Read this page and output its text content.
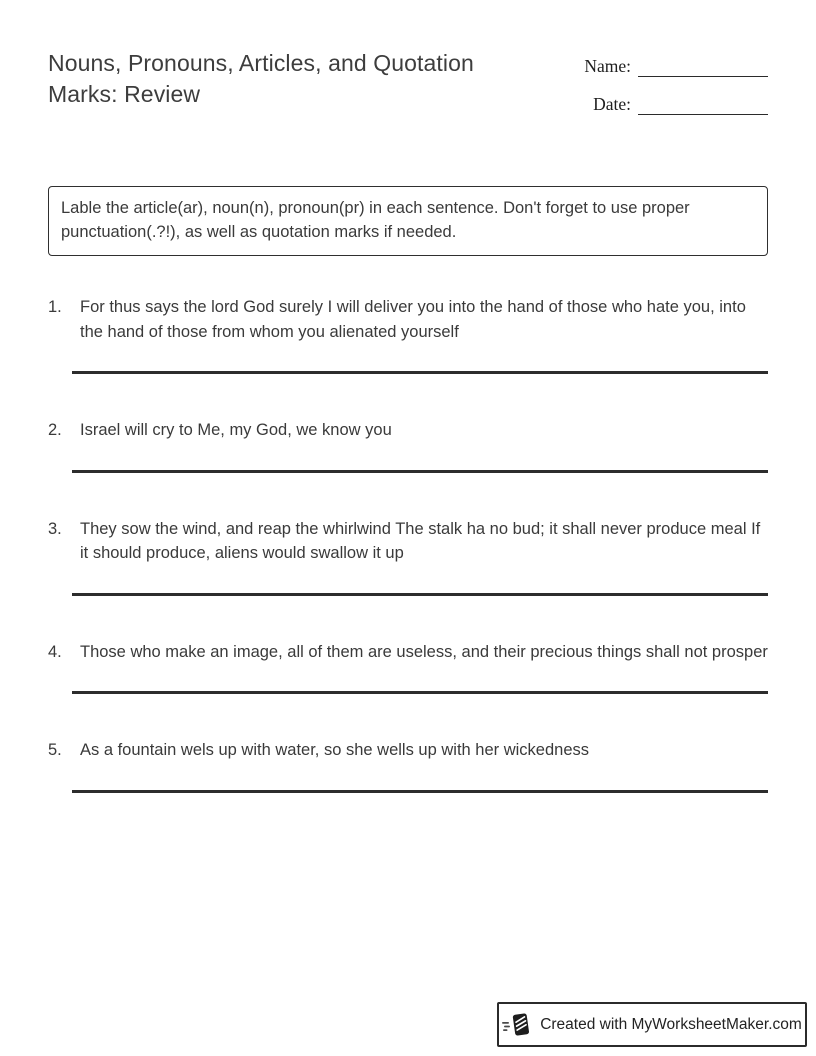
Nouns, Pronouns, Articles, and Quotation Marks: Review
Name:
Date:
Lable the article(ar), noun(n), pronoun(pr) in each sentence. Don't forget to use proper punctuation(.?!), as well as quotation marks if needed.
1.	For thus says the lord God surely I will deliver you into the hand of those who hate you, into the hand of those from whom you alienated yourself
2.	Israel will cry to Me, my God, we know you
3.	They sow the wind, and reap the whirlwind The stalk ha no bud; it shall never produce meal If it should produce, aliens would swallow it up
4.	Those who make an image, all of them are useless, and their precious things shall not prosper
5.	As a fountain wels up with water, so she wells up with her wickedness
Created with MyWorksheetMaker.com
